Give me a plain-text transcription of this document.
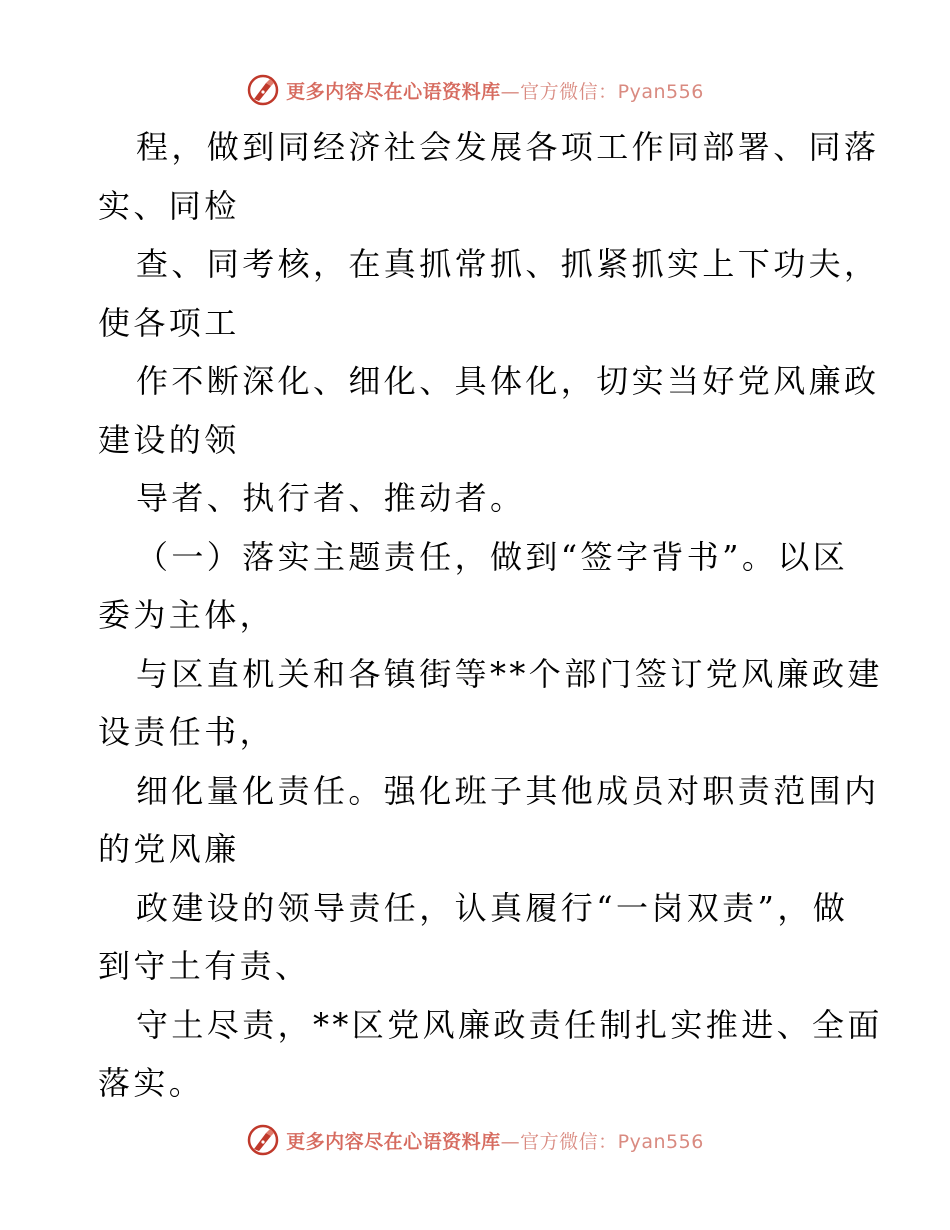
更多内容尽在心语资料库—官方微信：Pyan556
程，做到同经济社会发展各项工作同部署、同落
实、同检
查、同考核，在真抓常抓、抓紧抓实上下功夫，
使各项工
作不断深化、细化、具体化，切实当好党风廉政
建设的领
导者、执行者、推动者。
（一）落实主题责任，做到“签字背书”。以区
委为主体，
与区直机关和各镇街等**个部门签订党风廉政建
设责任书，
细化量化责任。强化班子其他成员对职责范围内
的党风廉
政建设的领导责任，认真履行“一岗双责”，做
到守土有责、
守土尽责，**区党风廉政责任制扎实推进、全面
落实。
更多内容尽在心语资料库—官方微信：Pyan556
